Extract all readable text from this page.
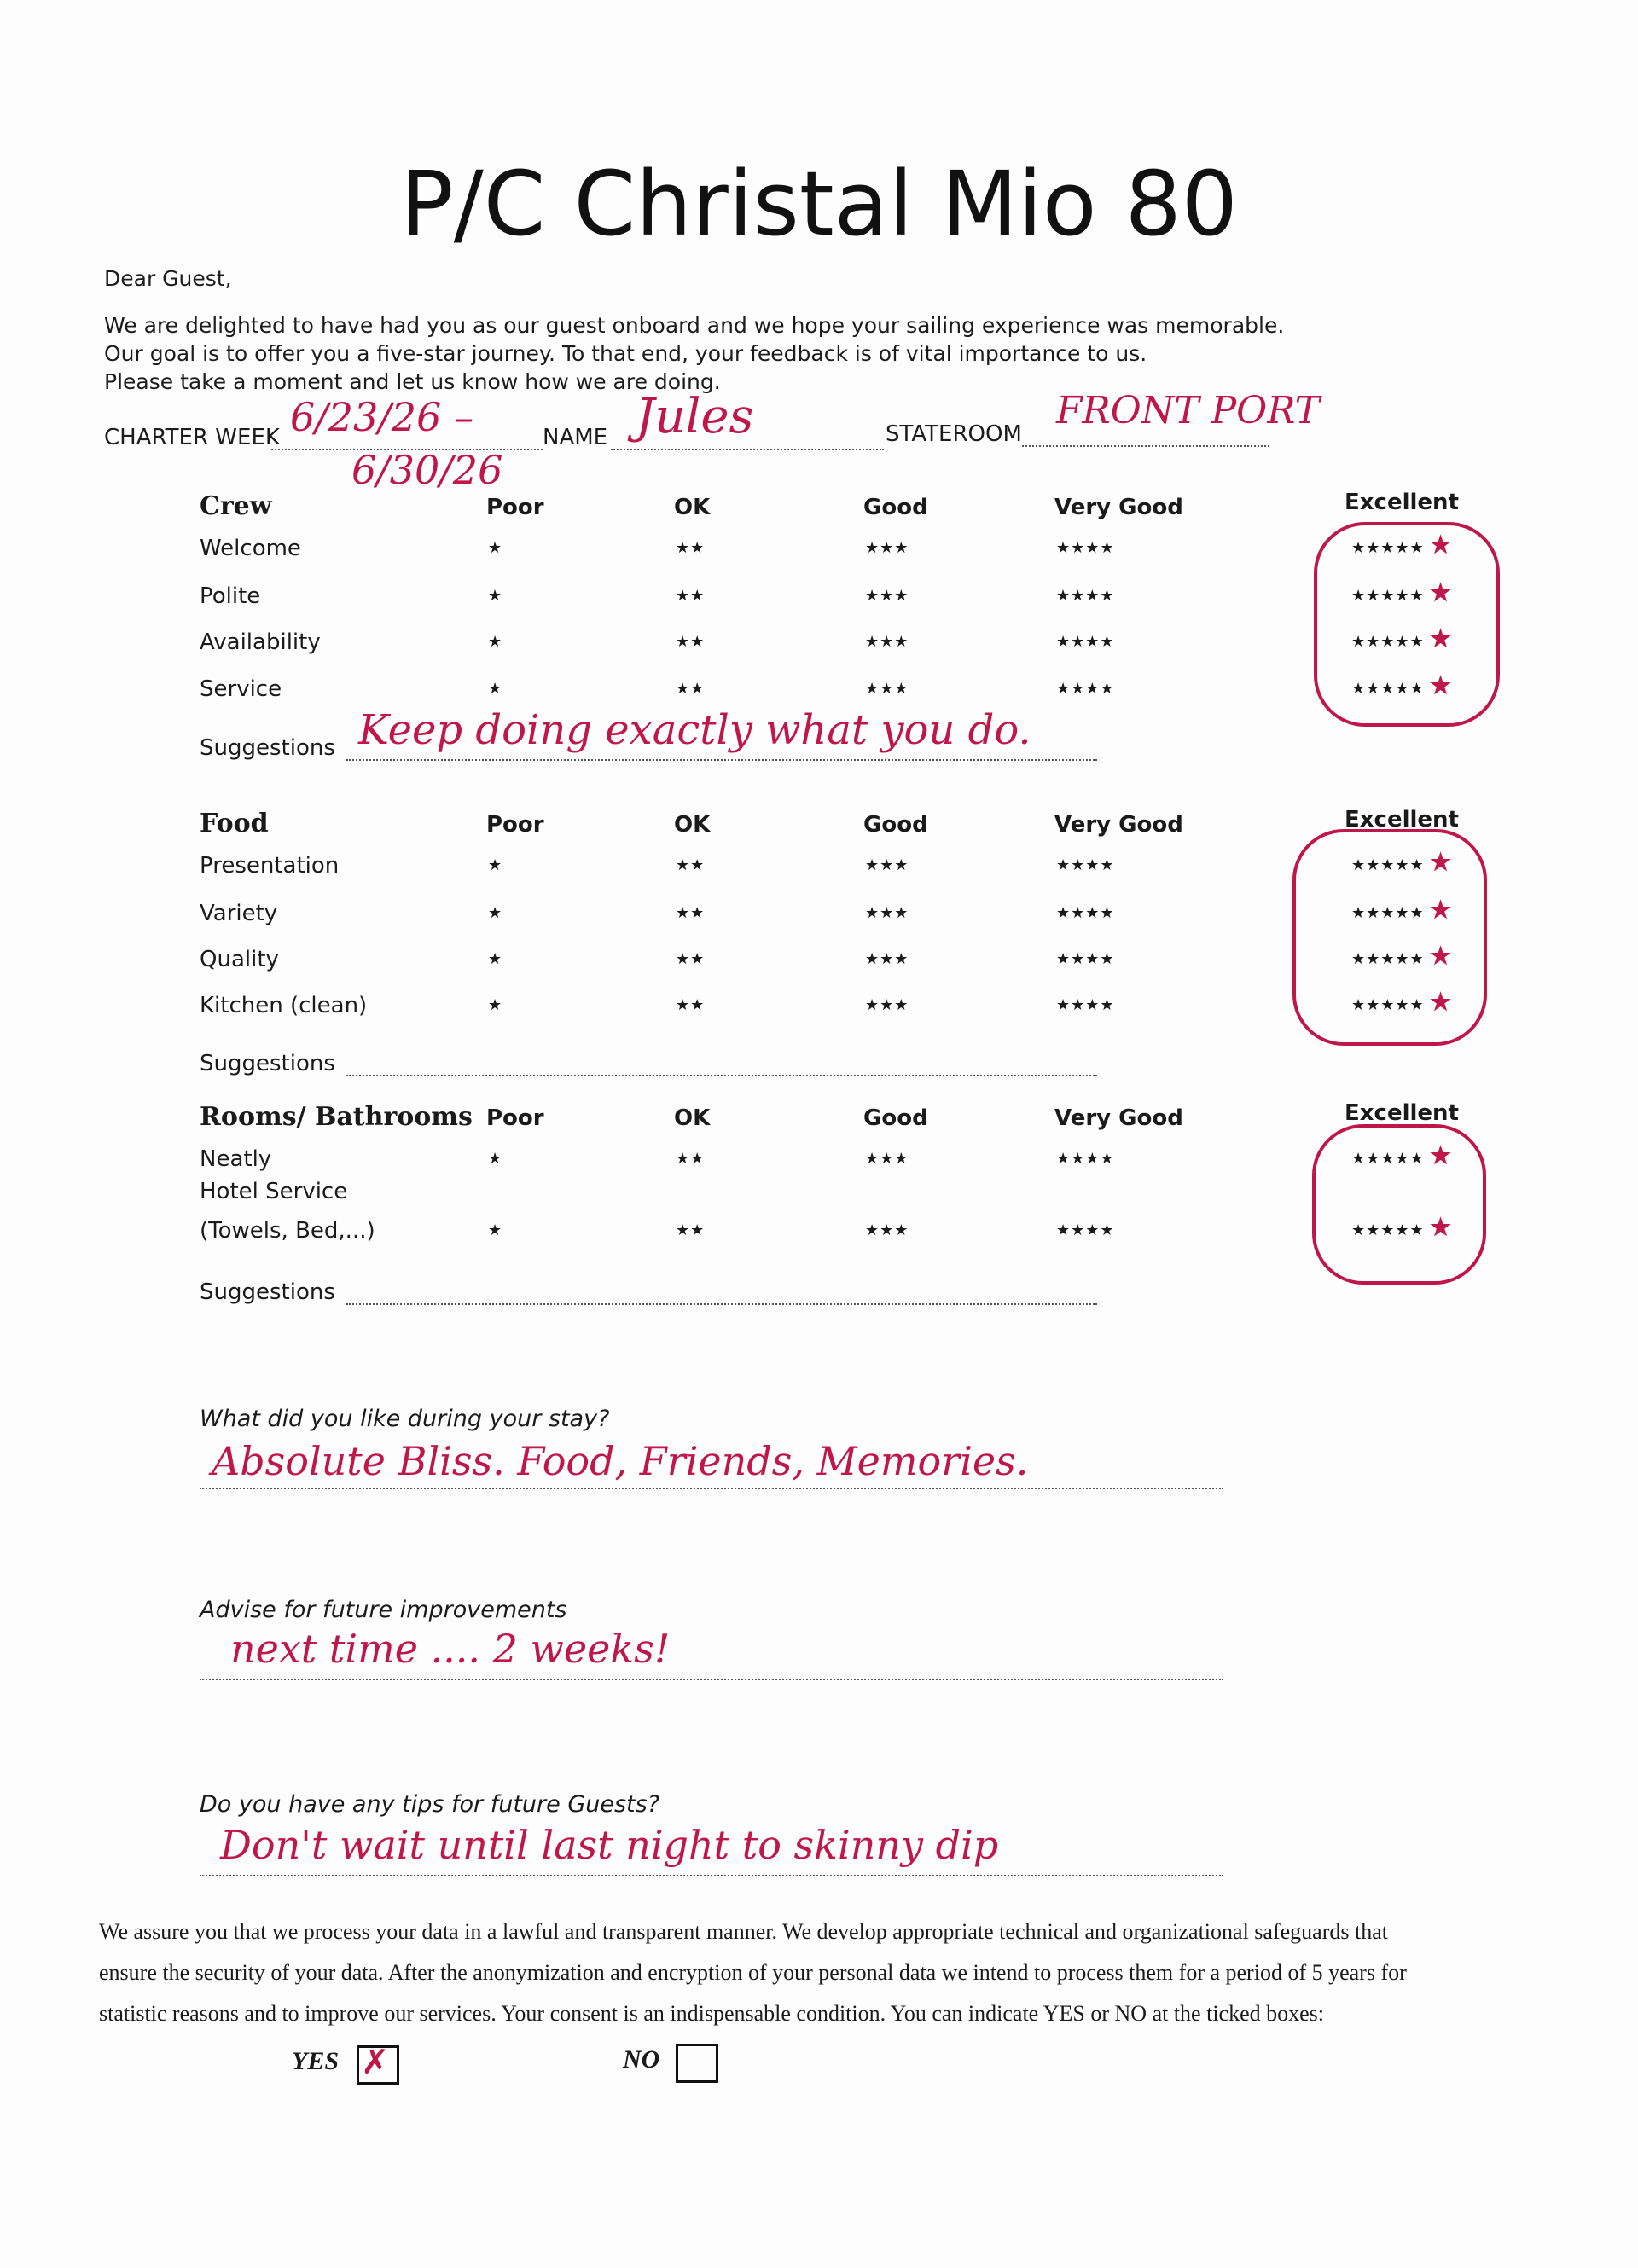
P/C Christal Mio 80
Dear Guest,
We are delighted to have had you as our guest onboard and we hope your sailing experience was memorable.
Our goal is to offer you a five-star journey. To that end, your feedback is of vital importance to us.
Please take a moment and let us know how we are doing.
CHARTER WEEK 6/23/26 –
6/30/26
NAME Jules	STATEROOM
FRONT PORT
Crew	Poor	OK	Good	Very Good	Excellent
Welcome	★	★★	★★★	★★★★	★★★★★ ★
Polite	★	★★	★★★	★★★★	★★★★★ ★
Availability	★	★★	★★★	★★★★	★★★★★ ★
Service	★	★★	★★★	★★★★	★★★★★ ★
Suggestions Keep doing exactly what you do.
Food	Poor	OK	Good	Very Good	Excellent
Presentation	★	★★	★★★	★★★★	★★★★★ ★
Variety	★	★★	★★★	★★★★	★★★★★ ★
Quality	★	★★	★★★	★★★★	★★★★★ ★
Kitchen (clean)	★	★★	★★★	★★★★	★★★★★ ★
Suggestions
Rooms/ Bathrooms Poor	OK	Good	Very Good	Excellent
Neatly	★	★★	★★★	★★★★	★★★★★ ★
Hotel Service
(Towels, Bed,...)	★	★★	★★★	★★★★	★★★★★ ★
Suggestions
What did you like during your stay?
Absolute Bliss. Food, Friends, Memories.
Advise for future improvements
next time .... 2 weeks!
Do you have any tips for future Guests?
Don't wait until last night to skinny dip
We assure you that we process your data in a lawful and transparent manner. We develop appropriate technical and organizational safeguards that
ensure the security of your data. After the anonymization and encryption of your personal data we intend to process them for a period of 5 years for
statistic reasons and to improve our services. Your consent is an indispensable condition. You can indicate YES or NO at the ticked boxes:
YES ✗	NO
